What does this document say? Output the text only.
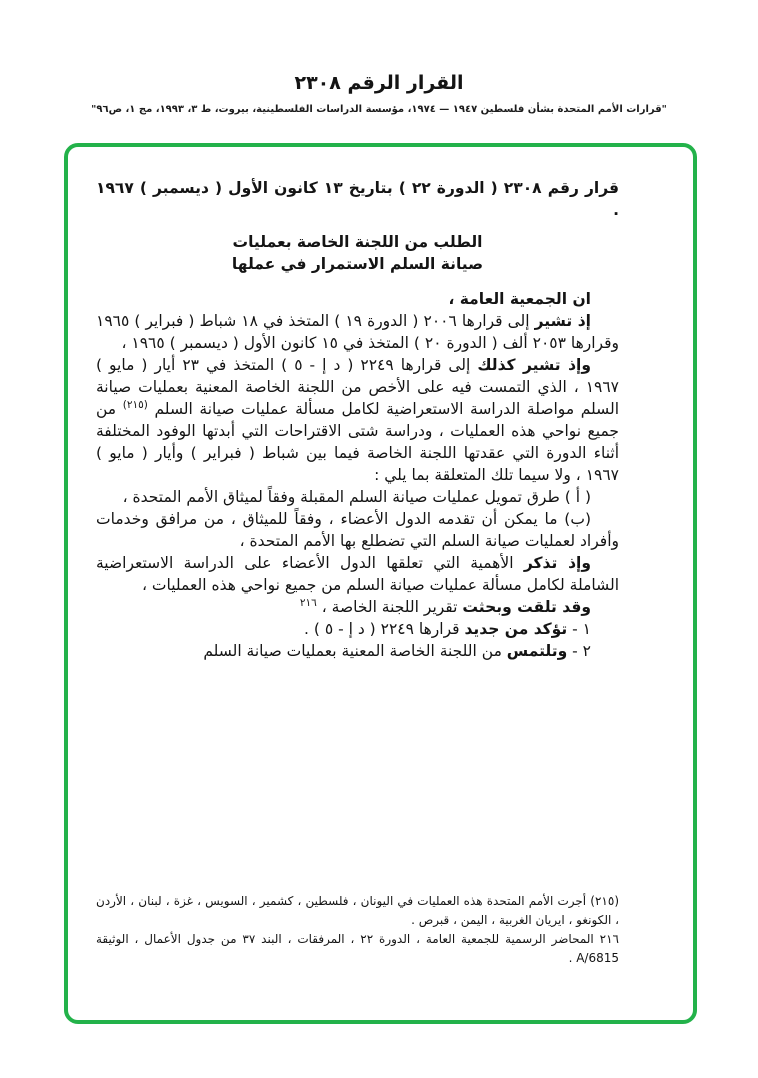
القرار الرقم ٢٣٠٨
"قرارات الأمم المتحدة بشأن فلسطين ١٩٤٧ — ١٩٧٤، مؤسسة الدراسات الفلسطينية، بيروت، ط ٣، ١٩٩٣، مج ١، ص٩٦"

قرار رقم ٢٣٠٨ ( الدورة ٢٢ ) بتاريخ ١٣ كانون الأول ( ديسمبر ) ١٩٦٧ .

الطلب من اللجنة الخاصة بعمليات

صيانة السلم الاستمرار في عملها

ان الجمعية العامة ،

إذ تشير إلى قرارها ٢٠٠٦ ( الدورة ١٩ ) المتخذ في ١٨ شباط ( فبراير ) ١٩٦٥ وقرارها ٢٠٥٣ ألف ( الدورة ٢٠ ) المتخذ في ١٥ كانون الأول ( ديسمبر ) ١٩٦٥ ،

وإذ تشير كذلك إلى قرارها ٢٢٤٩ ( د إ - ٥ ) المتخذ في ٢٣ أيار ( مايو ) ١٩٦٧ ، الذي التمست فيه على الأخص من اللجنة الخاصة المعنية بعمليات صيانة السلم مواصلة الدراسة الاستعراضية لكامل مسألة عمليات صيانة السلم $^{(٢١٥)}$ من جميع نواحي هذه العمليات ، ودراسة شتى الاقتراحات التي أبدتها الوفود المختلفة أثناء الدورة التي عقدتها اللجنة الخاصة فيما بين شباط ( فبراير ) وأيار ( مايو ) ١٩٦٧ ، ولا سيما تلك المتعلقة بما يلي :

( أ ) طرق تمويل عمليات صيانة السلم المقبلة وفقاً لميثاق الأمم المتحدة ،

(ب) ما يمكن أن تقدمه الدول الأعضاء ، وفقاً للميثاق ، من مرافق وخدمات وأفراد لعمليات صيانة السلم التي تضطلع بها الأمم المتحدة ،

وإذ تذكر الأهمية التي تعلقها الدول الأعضاء على الدراسة الاستعراضية الشاملة لكامل مسألة عمليات صيانة السلم من جميع نواحي هذه العمليات ،

وقد تلقت وبحثت تقرير اللجنة الخاصة ، $^{٢١٦}$

١ - تؤكد من جديد قرارها ٢٢٤٩ ( د إ - ٥ ) .

٢ - وتلتمس من اللجنة الخاصة المعنية بعمليات صيانة السلم

(٢١٥) أجرت الأمم المتحدة هذه العمليات في اليونان ، فلسطين ، كشمير ، السويس ، غزة ، لبنان ، الأردن ، الكونغو ، ايريان الغربية ، اليمن ، قبرص .

٢١٦ المحاضر الرسمية للجمعية العامة ، الدورة ٢٢ ، المرفقات ، البند ٣٧ من جدول الأعمال ، الوثيقة A/6815 .
